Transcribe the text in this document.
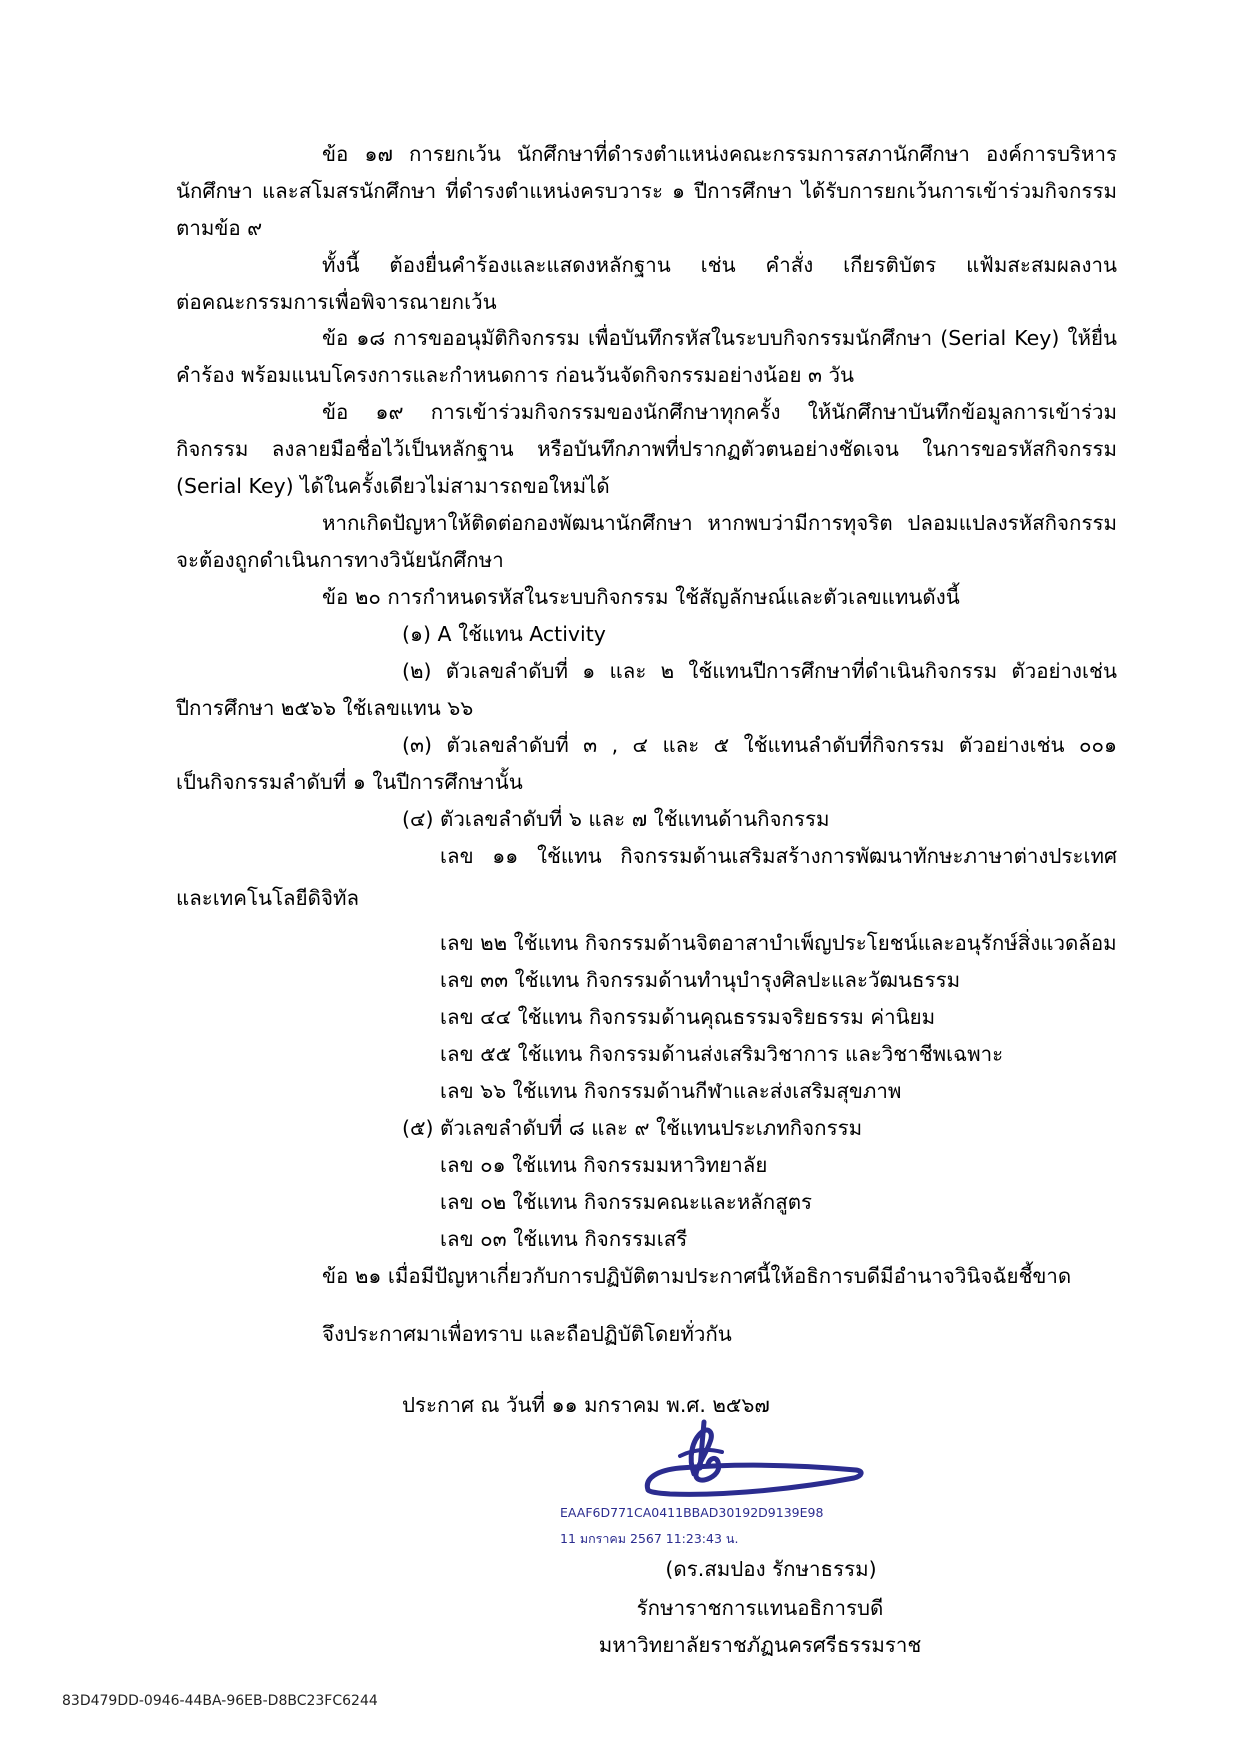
ข้อ ๑๗ การยกเว้น นักศึกษาที่ดำรงตำแหน่งคณะกรรมการสภานักศึกษา องค์การบริหาร
นักศึกษา และสโมสรนักศึกษา ที่ดำรงตำแหน่งครบวาระ ๑ ปีการศึกษา ได้รับการยกเว้นการเข้าร่วมกิจกรรม
ตามข้อ ๙
ทั้งนี้ ต้องยื่นคำร้องและแสดงหลักฐาน เช่น คำสั่ง เกียรติบัตร แฟ้มสะสมผลงาน
ต่อคณะกรรมการเพื่อพิจารณายกเว้น
ข้อ ๑๘ การขออนุมัติกิจกรรม เพื่อบันทึกรหัสในระบบกิจกรรมนักศึกษา (Serial Key) ให้ยื่น
คำร้อง พร้อมแนบโครงการและกำหนดการ ก่อนวันจัดกิจกรรมอย่างน้อย ๓ วัน
ข้อ ๑๙ การเข้าร่วมกิจกรรมของนักศึกษาทุกครั้ง ให้นักศึกษาบันทึกข้อมูลการเข้าร่วม
กิจกรรม ลงลายมือชื่อไว้เป็นหลักฐาน หรือบันทึกภาพที่ปรากฏตัวตนอย่างชัดเจน ในการขอรหัสกิจกรรม
(Serial Key) ได้ในครั้งเดียวไม่สามารถขอใหม่ได้
หากเกิดปัญหาให้ติดต่อกองพัฒนานักศึกษา หากพบว่ามีการทุจริต ปลอมแปลงรหัสกิจกรรม
จะต้องถูกดำเนินการทางวินัยนักศึกษา
ข้อ ๒๐ การกำหนดรหัสในระบบกิจกรรม ใช้สัญลักษณ์และตัวเลขแทนดังนี้
(๑) A ใช้แทน Activity
(๒) ตัวเลขลำดับที่ ๑ และ ๒ ใช้แทนปีการศึกษาที่ดำเนินกิจกรรม ตัวอย่างเช่น
ปีการศึกษา ๒๕๖๖ ใช้เลขแทน ๖๖
(๓) ตัวเลขลำดับที่ ๓ , ๔ และ ๕ ใช้แทนลำดับที่กิจกรรม ตัวอย่างเช่น ๐๐๑
เป็นกิจกรรมลำดับที่ ๑ ในปีการศึกษานั้น
(๔) ตัวเลขลำดับที่ ๖ และ ๗ ใช้แทนด้านกิจกรรม
เลข ๑๑ ใช้แทน กิจกรรมด้านเสริมสร้างการพัฒนาทักษะภาษาต่างประเทศ
และเทคโนโลยีดิจิทัล
เลข ๒๒ ใช้แทน กิจกรรมด้านจิตอาสาบำเพ็ญประโยชน์และอนุรักษ์สิ่งแวดล้อม
เลข ๓๓ ใช้แทน กิจกรรมด้านทำนุบำรุงศิลปะและวัฒนธรรม
เลข ๔๔ ใช้แทน กิจกรรมด้านคุณธรรมจริยธรรม ค่านิยม
เลข ๕๕ ใช้แทน กิจกรรมด้านส่งเสริมวิชาการ และวิชาชีพเฉพาะ
เลข ๖๖ ใช้แทน กิจกรรมด้านกีฬาและส่งเสริมสุขภาพ
(๕) ตัวเลขลำดับที่ ๘ และ ๙ ใช้แทนประเภทกิจกรรม
เลข ๐๑ ใช้แทน กิจกรรมมหาวิทยาลัย
เลข ๐๒ ใช้แทน กิจกรรมคณะและหลักสูตร
เลข ๐๓ ใช้แทน กิจกรรมเสรี
ข้อ ๒๑ เมื่อมีปัญหาเกี่ยวกับการปฏิบัติตามประกาศนี้ให้อธิการบดีมีอำนาจวินิจฉัยชี้ขาด
จึงประกาศมาเพื่อทราบ และถือปฏิบัติโดยทั่วกัน
ประกาศ ณ วันที่ ๑๑ มกราคม พ.ศ. ๒๕๖๗
EAAF6D771CA0411BBAD30192D9139E98
11 มกราคม 2567 11:23:43 น.
(ดร.สมปอง รักษาธรรม)
รักษาราชการแทนอธิการบดี
มหาวิทยาลัยราชภัฏนครศรีธรรมราช
83D479DD-0946-44BA-96EB-D8BC23FC6244
